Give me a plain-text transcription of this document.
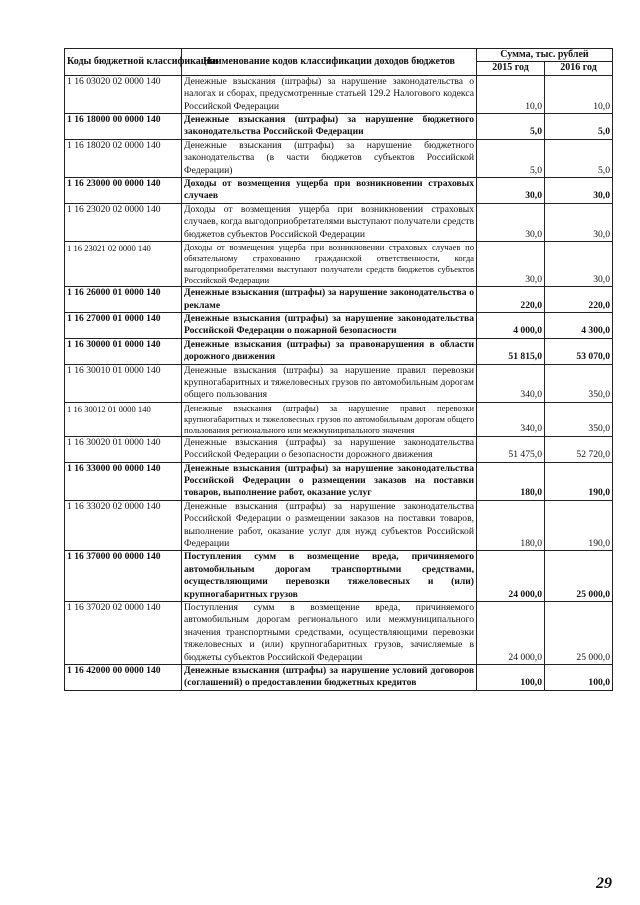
Коды бюджетной классификации	Наименование кодов классификации доходов бюджетов	Сумма, тыс. рублей	
		2015 год	2016 год
1 16 03020 02 0000 140	Денежные взыскания (штрафы) за нарушение законодательства о налогах и сборах, предусмотренные статьей 129.2 Налогового кодекса Российской Федерации	10,0	10,0
1 16 18000 00 0000 140	Денежные взыскания (штрафы) за нарушение бюджетного законодательства Российской Федерации	5,0	5,0
1 16 18020 02 0000 140	Денежные взыскания (штрафы) за нарушение бюджетного законодательства (в части бюджетов субъектов Российской Федерации)	5,0	5,0
1 16 23000 00 0000 140	Доходы от возмещения ущерба при возникновении страховых случаев	30,0	30,0
1 16 23020 02 0000 140	Доходы от возмещения ущерба при возникновении страховых случаев, когда выгодоприобретателями выступают получатели средств бюджетов субъектов Российской Федерации	30,0	30,0
1 16 23021 02 0000 140	Доходы от возмещения ущерба при возникновении страховых случаев по обязательному страхованию гражданской ответственности, когда выгодоприобретателями выступают получатели средств бюджетов субъектов Российской Федерации	30,0	30,0
1 16 26000 01 0000 140	Денежные взыскания (штрафы) за нарушение законодательства о рекламе	220,0	220,0
1 16 27000 01 0000 140	Денежные взыскания (штрафы) за нарушение законодательства Российской Федерации о пожарной безопасности	4 000,0	4 300,0
1 16 30000 01 0000 140	Денежные взыскания (штрафы) за правонарушения в области дорожного движения	51 815,0	53 070,0
1 16 30010 01 0000 140	Денежные взыскания (штрафы) за нарушение правил перевозки крупногабаритных и тяжеловесных грузов по автомобильным дорогам общего пользования	340,0	350,0
1 16 30012 01 0000 140	Денежные взыскания (штрафы) за нарушение правил перевозки крупногабаритных и тяжеловесных грузов по автомобильным дорогам общего пользования регионального или межмуниципального значения	340,0	350,0
1 16 30020 01 0000 140	Денежные взыскания (штрафы) за нарушение законодательства Российской Федерации о безопасности дорожного движения	51 475,0	52 720,0
1 16 33000 00 0000 140	Денежные взыскания (штрафы) за нарушение законодательства Российской Федерации о размещении заказов на поставки товаров, выполнение работ, оказание услуг	180,0	190,0
1 16 33020 02 0000 140	Денежные взыскания (штрафы) за нарушение законодательства Российской Федерации о размещении заказов на поставки товаров, выполнение работ, оказание услуг для нужд субъектов Российской Федерации	180,0	190,0
1 16 37000 00 0000 140	Поступления сумм в возмещение вреда, причиняемого автомобильным дорогам транспортными средствами, осуществляющими перевозки тяжеловесных и (или) крупногабаритных грузов	24 000,0	25 000,0
1 16 37020 02 0000 140	Поступления сумм в возмещение вреда, причиняемого автомобильным дорогам регионального или межмуниципального значения транспортными средствами, осуществляющими перевозки тяжеловесных и (или) крупногабаритных грузов, зачисляемые в бюджеты субъектов Российской Федерации	24 000,0	25 000,0
1 16 42000 00 0000 140	Денежные взыскания (штрафы) за нарушение условий договоров (соглашений) о предоставлении бюджетных кредитов	100,0	100,0
29
